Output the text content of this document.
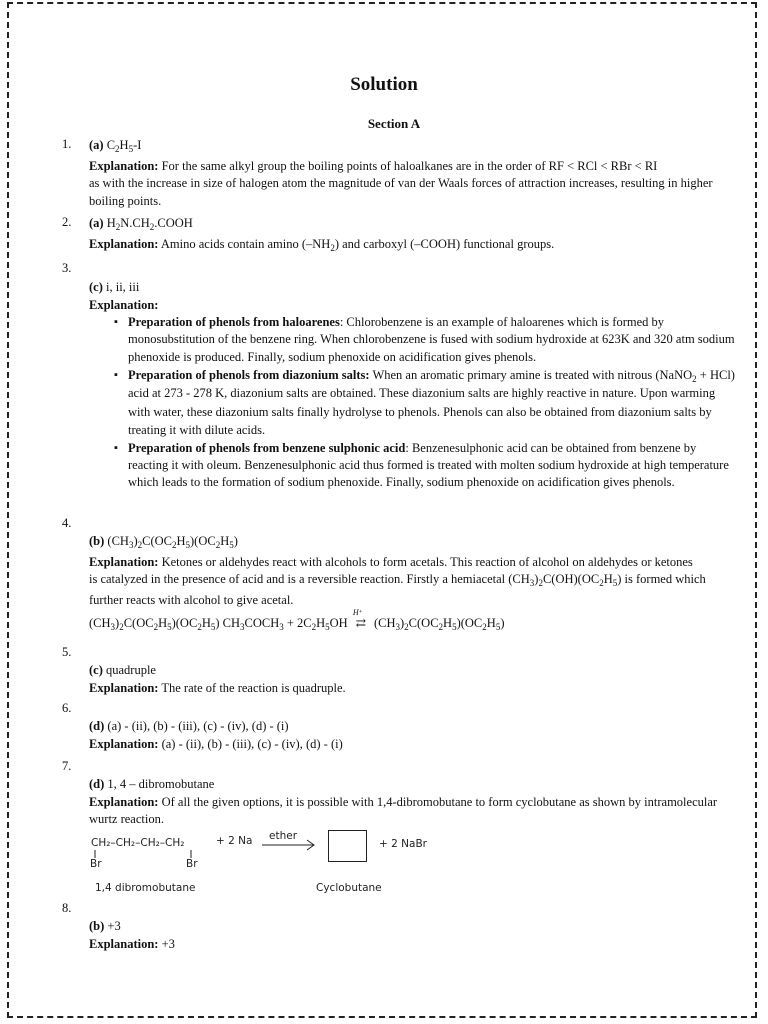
Solution
Section A
1. (a) $C_2H_5-I$
Explanation: For the same alkyl group the boiling points of haloalkanes are in the order of RF < RCl < RBr < RI
as with the increase in size of halogen atom the magnitude of van der Waals forces of attraction increases, resulting in higher
boiling points.
2. (a) $H_2N.CH_2.COOH$
Explanation: Amino acids contain amino $(-NH_2)$ and carboxyl (–COOH) functional groups.
3.
(c) i, ii, iii
Explanation:
▪ Preparation of phenols from haloarenes: Chlorobenzene is an example of haloarenes which is formed by monosubstitution of the benzene ring. When chlorobenzene is fused with sodium hydroxide at 623K and 320 atm sodium phenoxide is produced. Finally, sodium phenoxide on acidification gives phenols.
▪ Preparation of phenols from diazonium salts: When an aromatic primary amine is treated with nitrous (NaNO$_2$ + HCl) acid at 273 - 278 K, diazonium salts are obtained. These diazonium salts are highly reactive in nature. Upon warming with water, these diazonium salts finally hydrolyse to phenols. Phenols can also be obtained from diazonium salts by treating it with dilute acids.
▪ Preparation of phenols from benzene sulphonic acid: Benzenesulphonic acid can be obtained from benzene by reacting it with oleum. Benzenesulphonic acid thus formed is treated with molten sodium hydroxide at high temperature which leads to the formation of sodium phenoxide. Finally, sodium phenoxide on acidification gives phenols.
4.
(b) $(CH_3)_2C(OC_2H_5)(OC_2H_5)$
Explanation: Ketones or aldehydes react with alcohols to form acetals. This reaction of alcohol on aldehydes or ketones
is catalyzed in the presence of acid and is a reversible reaction. Firstly a hemiacetal $(CH_3)_2C(OH)(OC_2H_5)$ is formed which
further reacts with alcohol to give acetal.
$(CH_3)_2C(OC_2H_5)(OC_2H_5)$ $CH_3COCH_3 + 2C_2H_5OH$
H⁺
⇄ $(CH_3)_2C(OC_2H_5)(OC_2H_5)$
5.
(c) quadruple
Explanation: The rate of the reaction is quadruple.
6.
(d) (a) - (ii), (b) - (iii), (c) - (iv), (d) - (i)
Explanation: (a) - (ii), (b) - (iii), (c) - (iv), (d) - (i)
7.
(d) 1, 4 – dibromobutane
Explanation: Of all the given options, it is possible with 1,4-dibromobutane to form cyclobutane as shown by intramolecular wurtz reaction.
CH₂–CH₂–CH₂–CH₂	+ 2 Na ether
+ 2 NaBr
Br	Br
1,4 dibromobutane	Cyclobutane
8.
(b) +3
Explanation: +3
